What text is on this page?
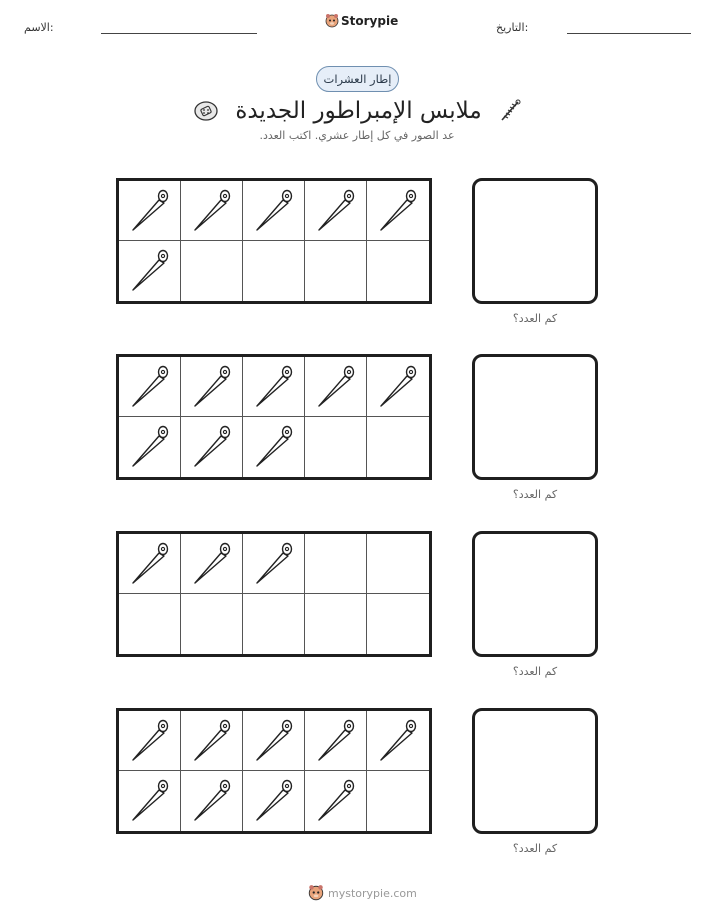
الاسم:	Storypie	التاريخ:
إطار العشرات
ملابس الإمبراطور الجديدة
عد الصور في كل إطار عشري. اكتب العدد.
كم العدد؟
كم العدد؟
كم العدد؟
كم العدد؟
mystorypie.com
